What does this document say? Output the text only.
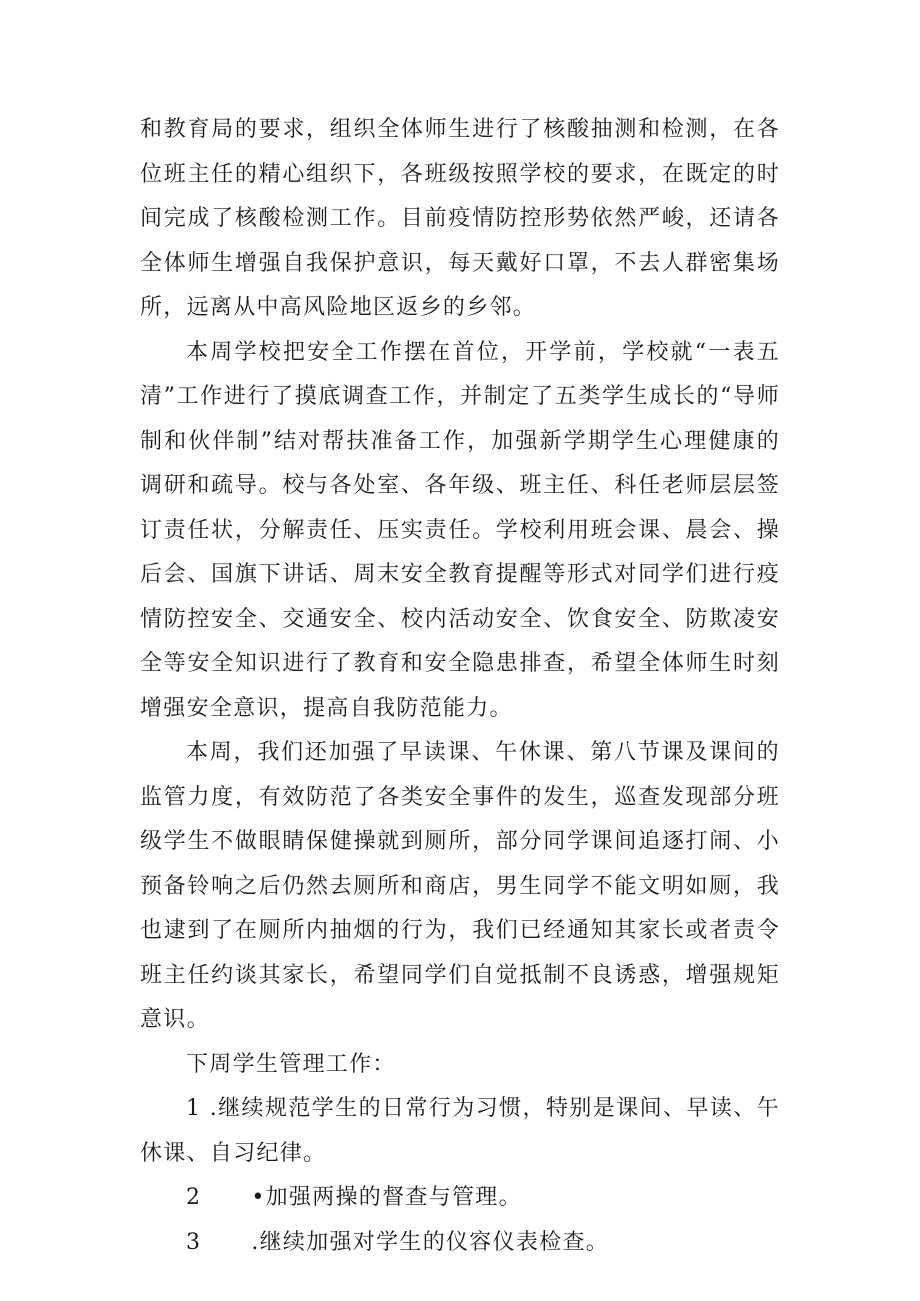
和教育局的要求，组织全体师生进行了核酸抽测和检测，在各位班主任的精心组织下，各班级按照学校的要求，在既定的时间完成了核酸检测工作。目前疫情防控形势依然严峻，还请各全体师生增强自我保护意识，每天戴好口罩，不去人群密集场所，远离从中高风险地区返乡的乡邻。

本周学校把安全工作摆在首位，开学前，学校就“一表五清”工作进行了摸底调查工作，并制定了五类学生成长的“导师制和伙伴制”结对帮扶准备工作，加强新学期学生心理健康的调研和疏导。校与各处室、各年级、班主任、科任老师层层签订责任状，分解责任、压实责任。学校利用班会课、晨会、操后会、国旗下讲话、周末安全教育提醒等形式对同学们进行疫情防控安全、交通安全、校内活动安全、饮食安全、防欺凌安全等安全知识进行了教育和安全隐患排查，希望全体师生时刻增强安全意识，提高自我防范能力。

本周，我们还加强了早读课、午休课、第八节课及课间的监管力度，有效防范了各类安全事件的发生，巡查发现部分班级学生不做眼睛保健操就到厕所，部分同学课间追逐打闹、小预备铃响之后仍然去厕所和商店，男生同学不能文明如厕，我也逮到了在厕所内抽烟的行为，我们已经通知其家长或者责令班主任约谈其家长，希望同学们自觉抵制不良诱惑，增强规矩意识。

下周学生管理工作：

1 .继续规范学生的日常行为习惯，特别是课间、早读、午休课、自习纪律。

2 •加强两操的督查与管理。

3 .继续加强对学生的仪容仪表检查。
